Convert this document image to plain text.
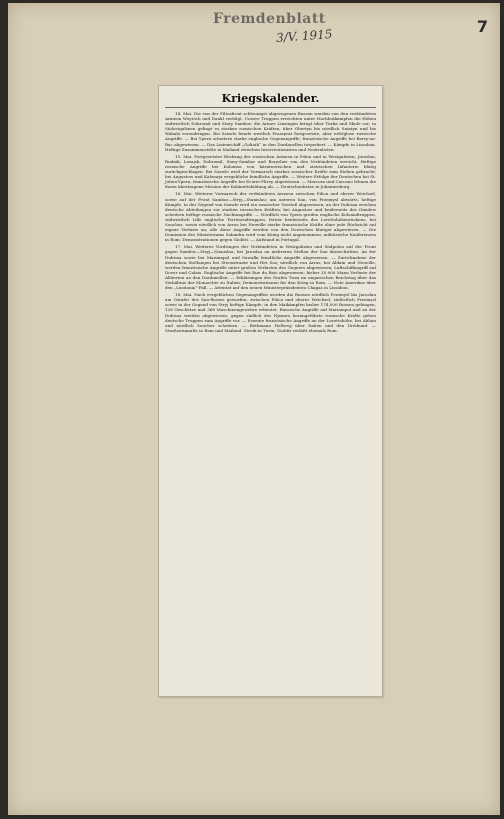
Fremdenblatt
3/V. 1915	7
Kriegskalender.

14. Mai. Die von der Pilicafront schleunigst abgezogenen Russen werden von den verbündeten Armeen Woyrsch und Dankl verfolgt. Unsere Truppen erreichten unter Nachhutkämpfen die Höhen südwestlich Dobromil und Stary Sambor; die Armee Linsingen bringt über Turka und Skole vor; in Südostgalizien gelingt es starken russischen Kräften, über Obertyn bis nördlich Sniatyn und bis Wahala vorzudringen. Bei Szawle feinde westlich Praszyniż fortgesetzte, aber erfolglose russische Angriffe. — Bei Ypern scheitern starke englische Gegenangriffe; französische Angriffe bei Berry-au-Bac abgewiesen. — Das Linienschiff „Goliath“ in den Dardanellen torpediert. — Kämpfe in Lissabon. Heftige Zusammenstöße in Mailand zwischen Interventionisten und Neutralisten.

15. Mai. Fortgesetzter Rückzug der russischen Armeen in Polen und in Westgalizien; Jaroslau, Rudnik, Lezajsk, Dobromil, Stary-Sambor und Boryslaw von den Verbündeten erreicht. Heftige russische Angriffe bei Kolomea von kärntnerischen und steirischen Infanterie blutig zurückgeschlagen. Bei Szawle wird der Vormarsch starker russischer Kräfte zum Stehen gebracht; bei Augustow und Kalwarja vergebliche feindliche Angriffe. — Weitere Erfolge der Deutschen bei St. Julien-Ypern; französische Angriffe bei Ecurie-Flirey abgewiesen. — Marcora und Carcano lehnen die ihnen übertragene Mission der Kabinettsbildung ab. — Deutschenhetze in Johannesburg.

16. Mai. Weiterer Vormarsch der verbündeten Armeen zwischen Pilica und oberer Weichsel, sowie auf der Front Sambor—Stryj—Stanislau; am unteren San, von Przemysl abwärts, heftige Kämpfe. In der Gegend von Szawle wird ein russischer Vorstoß abgewiesen; an der Dubissa weichen deutsche Abteilungen vor starken russischen Kräften; bei Augustow und beiderseits des Omulew scheitern heftige russische Nachtangriffe. — Nördlich von Ypern greifen englische Kolonialtruppen, südwestlich Lille englische Territorialtruppen, ferner beiderseits des Lorettohöhenrückens, bei Souchez, sowie nördlich von Arras bei Neuville starke französische Kräfte ohne jede Rücksicht auf eigene Verluste an; alle diese Angriffe werden von den Deutschen blutigst abgewiesen. — Die Demission des Ministeriums Salandra wird vom König nicht angenommen; militärische Konferenzen in Rom; Demonstrationen gegen Giolitti. — Aufstand in Portugal.

17. Mai. Weiteres Vordringen der Verbündeten in Westgalizien und Südpolen auf der Front gegen Sambor—Stryj—Stanislau; bei Jaroslau an mehreren Stellen der San überschritten. An der Dubissa sowie bei Mariampol und Suwalki feindliche Angriffe abgewiesen. — Zurücknahme der deutschen Stellungen bei Steenstraate und Het Sas; nördlich von Arras, bei Ablain und Neuville, werden französische Angriffe unter großen Verlusten des Gegners abgewiesen; Luftschiffangriff auf Dover und Calais. Englische Angriffe bei Rue du Bois abgewiesen; bisher 35.000 Mann Verluste der Alliierten an den Dardanellen. — Erklärungen des Grafen Tisza im ungarischen Reichstag über das Verhältnis der Monarchie zu Italien; Demonstrationen für den Krieg in Rom. — Note Amerikas über den „Lusitania“-Fall. — Attentat auf den neuen Ministerpräsidenten Chagas in Lissabon.

18. Mai. Nach vergeblichen Gegenangriffen werden die Russen nördlich Przemysl bis Jaroslau am Ostufer des San-flusses geworfen; zwischen Pilica und oberer Weichsel, südöstlich Przemysl sowie in der Gegend von Stryj heftige Kämpfe; in den Maikämpfen bisher 174.000 Russen gefangen, 128 Geschütze und 368 Maschinengewehre erbeutet. Russische Angriffe auf Mariampol und an der Dubissa werden abgewiesen; gegen südlich des Njemen herangeführte russische Kräfte gehen deutsche Truppen zum Angriffe vor. — Erneute französische Angriffe an der Lorettohöhe, bei Ablain und nördlich Souchez scheitern. — Bethmann Hollweg über Italien und den Dreibund. — Straßentumulte in Rom und Mailand. Streik in Turin; Giolitti verläßt ehemals Rom.
